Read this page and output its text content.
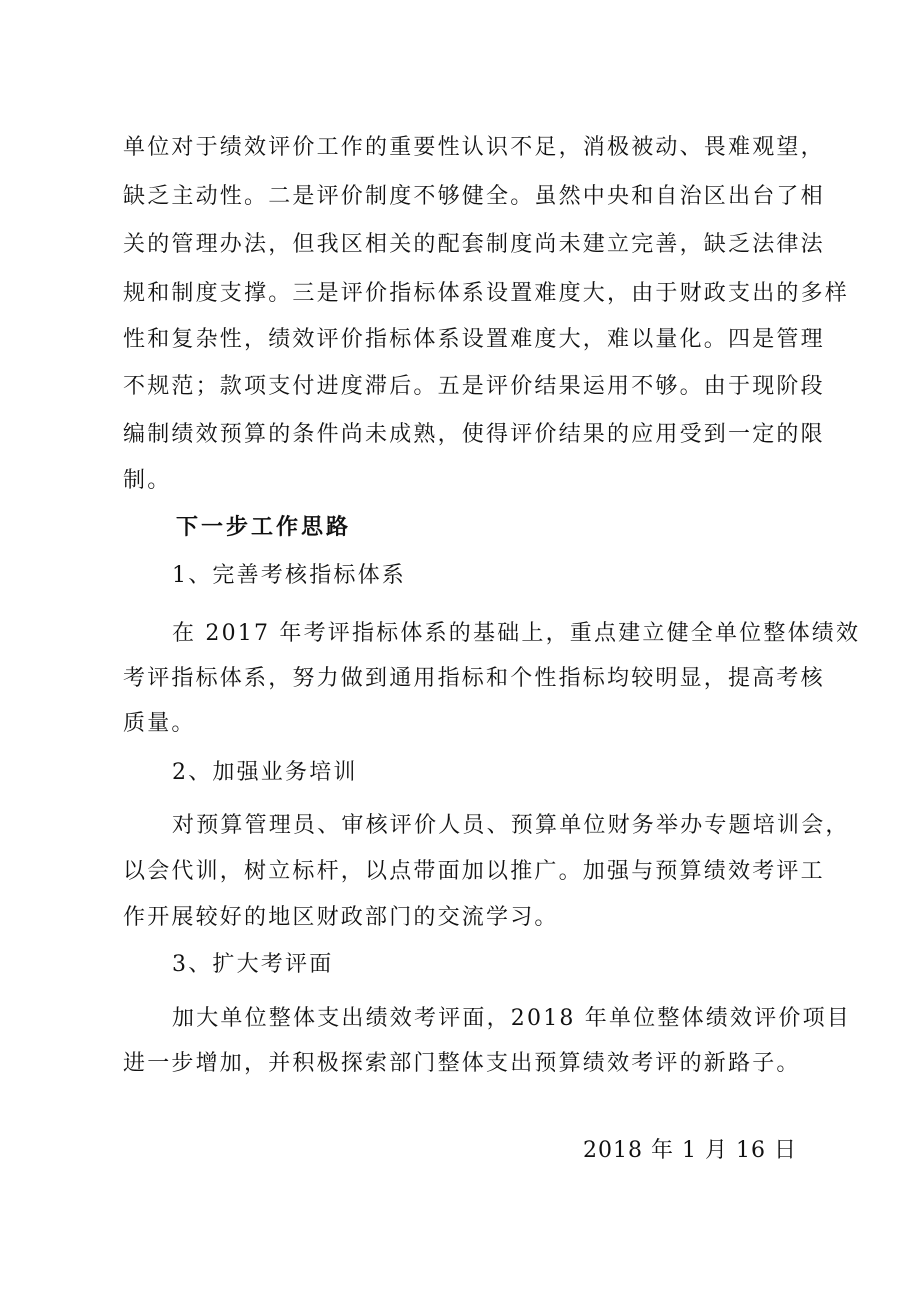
单位对于绩效评价工作的重要性认识不足，消极被动、畏难观望，
缺乏主动性。二是评价制度不够健全。虽然中央和自治区出台了相
关的管理办法，但我区相关的配套制度尚未建立完善，缺乏法律法
规和制度支撑。三是评价指标体系设置难度大，由于财政支出的多样
性和复杂性，绩效评价指标体系设置难度大，难以量化。四是管理
不规范；款项支付进度滞后。五是评价结果运用不够。由于现阶段
编制绩效预算的条件尚未成熟，使得评价结果的应用受到一定的限
制。
下一步工作思路
1、完善考核指标体系
在 2017 年考评指标体系的基础上，重点建立健全单位整体绩效
考评指标体系，努力做到通用指标和个性指标均较明显，提高考核
质量。
2、加强业务培训
对预算管理员、审核评价人员、预算单位财务举办专题培训会，
以会代训，树立标杆，以点带面加以推广。加强与预算绩效考评工
作开展较好的地区财政部门的交流学习。
3、扩大考评面
加大单位整体支出绩效考评面，2018 年单位整体绩效评价项目
进一步增加，并积极探索部门整体支出预算绩效考评的新路子。
2018 年 1 月 16 日
